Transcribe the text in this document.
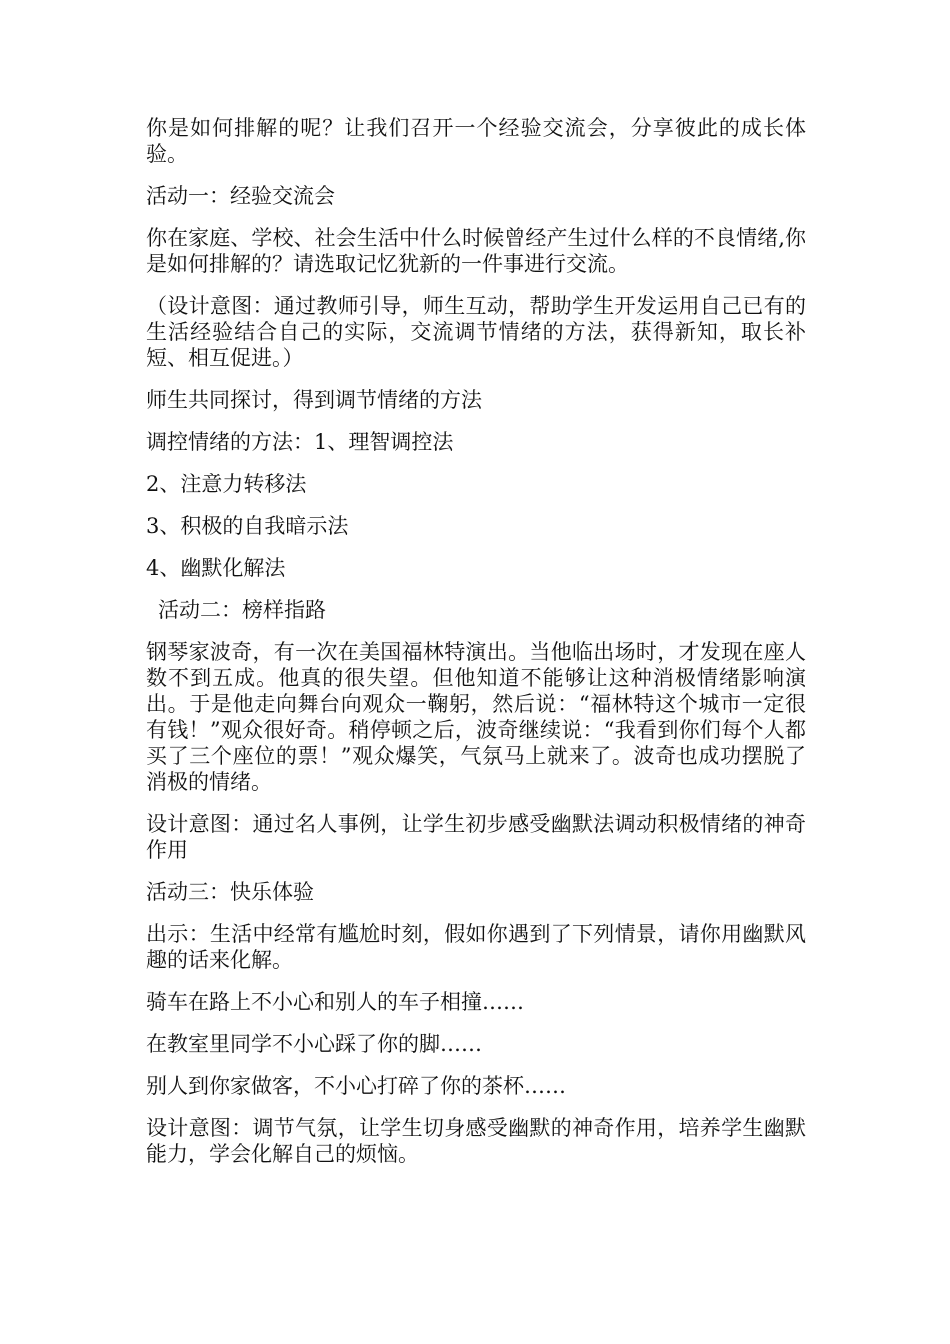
你是如何排解的呢？让我们召开一个经验交流会，分享彼此的成长体验。

活动一：经验交流会

你在家庭、学校、社会生活中什么时候曾经产生过什么样的不良情绪,你是如何排解的？请选取记忆犹新的一件事进行交流。

（设计意图：通过教师引导，师生互动，帮助学生开发运用自己已有的生活经验结合自己的实际，交流调节情绪的方法，获得新知，取长补短、相互促进。）

师生共同探讨，得到调节情绪的方法

调控情绪的方法：1、理智调控法

2、注意力转移法

3、积极的自我暗示法

4、幽默化解法

活动二：榜样指路

钢琴家波奇，有一次在美国福林特演出。当他临出场时，才发现在座人数不到五成。他真的很失望。但他知道不能够让这种消极情绪影响演出。于是他走向舞台向观众一鞠躬，然后说：“福林特这个城市一定很有钱！”观众很好奇。稍停顿之后，波奇继续说：“我看到你们每个人都买了三个座位的票！”观众爆笑，气氛马上就来了。波奇也成功摆脱了消极的情绪。

设计意图：通过名人事例，让学生初步感受幽默法调动积极情绪的神奇作用

活动三：快乐体验

出示：生活中经常有尴尬时刻，假如你遇到了下列情景，请你用幽默风趣的话来化解。

骑车在路上不小心和别人的车子相撞……

在教室里同学不小心踩了你的脚……

别人到你家做客，不小心打碎了你的茶杯……

设计意图：调节气氛，让学生切身感受幽默的神奇作用，培养学生幽默能力，学会化解自己的烦恼。
